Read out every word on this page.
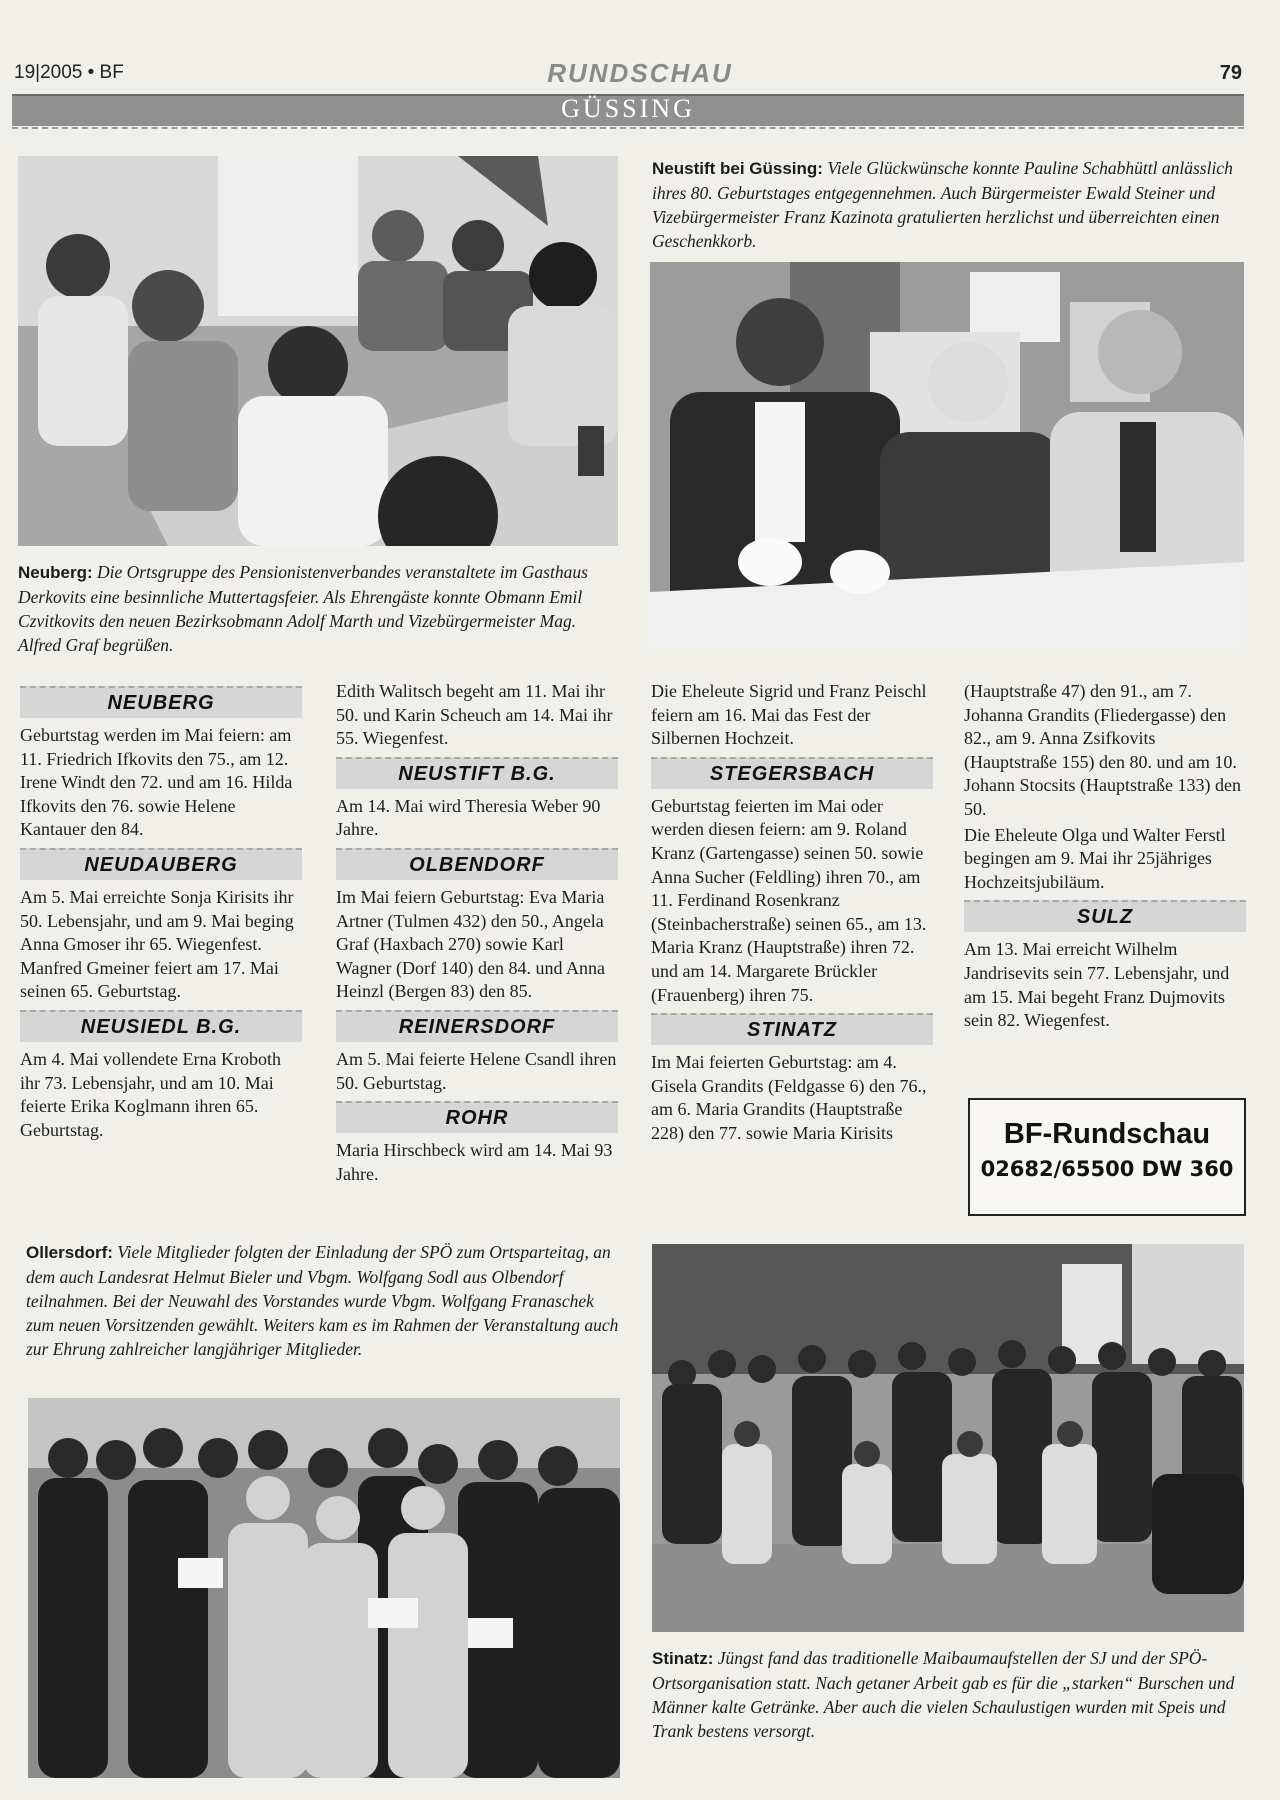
19|2005 • BF	RUNDSCHAU	79
GÜSSING
Neuberg: Die Ortsgruppe des Pensionistenverbandes veranstaltete im Gasthaus Derkovits eine besinnliche Muttertagsfeier. Als Ehrengäste konnte Obmann Emil Czvitkovits den neuen Bezirksobmann Adolf Marth und Vizebürgermeister Mag. Alfred Graf begrüßen.
Neustift bei Güssing: Viele Glückwünsche konnte Pauline Schabhüttl anlässlich ihres 80. Geburtstages entgegennehmen. Auch Bürgermeister Ewald Steiner und Vizebürgermeister Franz Kazinota gratulierten herzlichst und überreichten einen Geschenkkorb.
NEUBERG

Geburtstag werden im Mai feiern: am 11. Friedrich Ifkovits den 75., am 12. Irene Windt den 72. und am 16. Hilda Ifkovits den 76. sowie Helene Kantauer den 84.

NEUDAUBERG

Am 5. Mai erreichte Sonja Kirisits ihr 50. Lebensjahr, und am 9. Mai beging Anna Gmoser ihr 65. Wiegenfest. Manfred Gmeiner feiert am 17. Mai seinen 65. Geburtstag.

NEUSIEDL B.G.

Am 4. Mai vollendete Erna Kroboth ihr 73. Lebensjahr, und am 10. Mai feierte Erika Koglmann ihren 65. Geburtstag.

Edith Walitsch begeht am 11. Mai ihr 50. und Karin Scheuch am 14. Mai ihr 55. Wiegenfest.

NEUSTIFT B.G.

Am 14. Mai wird Theresia Weber 90 Jahre.

OLBENDORF

Im Mai feiern Geburtstag: Eva Maria Artner (Tulmen 432) den 50., Angela Graf (Haxbach 270) sowie Karl Wagner (Dorf 140) den 84. und Anna Heinzl (Bergen 83) den 85.

REINERSDORF

Am 5. Mai feierte Helene Csandl ihren 50. Geburtstag.

ROHR

Maria Hirschbeck wird am 14. Mai 93 Jahre.

Die Eheleute Sigrid und Franz Peischl feiern am 16. Mai das Fest der Silbernen Hochzeit.

STEGERSBACH

Geburtstag feierten im Mai oder werden diesen feiern: am 9. Roland Kranz (Gartengasse) seinen 50. sowie Anna Sucher (Feldling) ihren 70., am 11. Ferdinand Rosenkranz (Steinbacherstraße) seinen 65., am 13. Maria Kranz (Hauptstraße) ihren 72. und am 14. Margarete Brückler (Frauenberg) ihren 75.

STINATZ

Im Mai feierten Geburtstag: am 4. Gisela Grandits (Feldgasse 6) den 76., am 6. Maria Grandits (Hauptstraße 228) den 77. sowie Maria Kirisits

(Hauptstraße 47) den 91., am 7. Johanna Grandits (Fliedergasse) den 82., am 9. Anna Zsifkovits (Hauptstraße 155) den 80. und am 10. Johann Stocsits (Hauptstraße 133) den 50.

Die Eheleute Olga und Walter Ferstl begingen am 9. Mai ihr 25jähriges Hochzeitsjubiläum.

SULZ

Am 13. Mai erreicht Wilhelm Jandrisevits sein 77. Lebensjahr, und am 15. Mai begeht Franz Dujmovits sein 82. Wiegenfest.

BF-Rundschau
02682/65500 DW 360
Ollersdorf: Viele Mitglieder folgten der Einladung der SPÖ zum Ortsparteitag, an dem auch Landesrat Helmut Bieler und Vbgm. Wolfgang Sodl aus Olbendorf teilnahmen. Bei der Neuwahl des Vorstandes wurde Vbgm. Wolfgang Franaschek zum neuen Vorsitzenden gewählt. Weiters kam es im Rahmen der Veranstaltung auch zur Ehrung zahlreicher langjähriger Mitglieder.
Stinatz: Jüngst fand das traditionelle Maibaumaufstellen der SJ und der SPÖ-Ortsorganisation statt. Nach getaner Arbeit gab es für die „starken“ Burschen und Männer kalte Getränke. Aber auch die vielen Schaulustigen wurden mit Speis und Trank bestens versorgt.
